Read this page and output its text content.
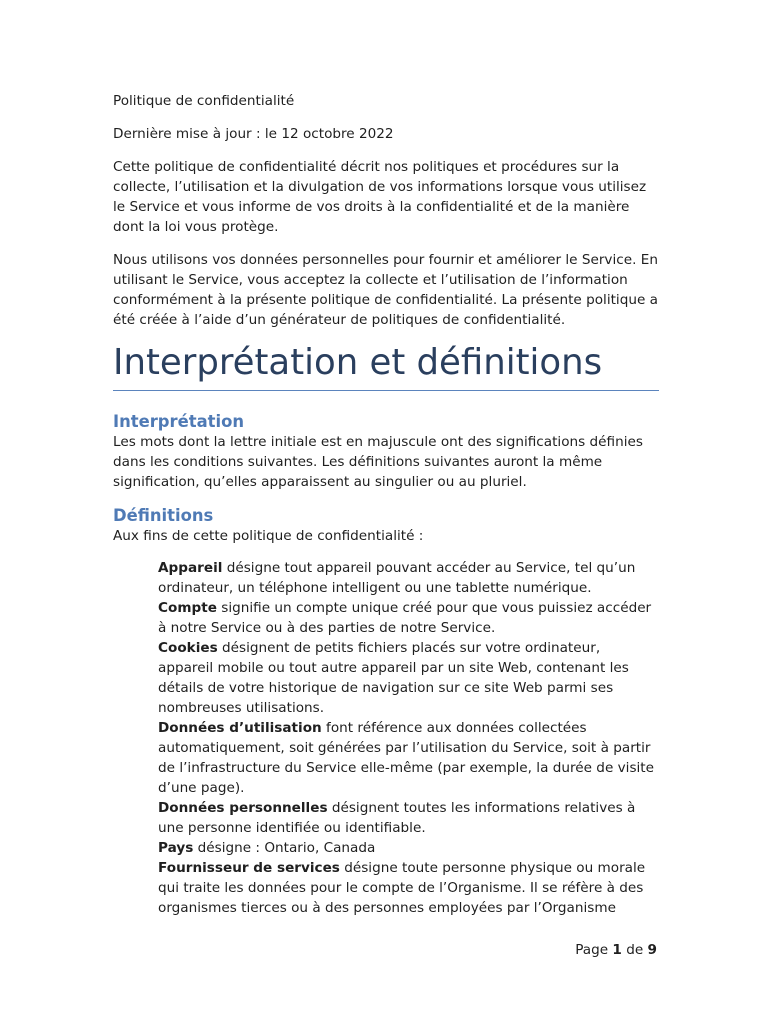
Politique de confidentialité

Dernière mise à jour : le 12 octobre 2022

Cette politique de confidentialité décrit nos politiques et procédures sur la collecte, l’utilisation et la divulgation de vos informations lorsque vous utilisez le Service et vous informe de vos droits à la confidentialité et de la manière dont la loi vous protège.

Nous utilisons vos données personnelles pour fournir et améliorer le Service. En utilisant le Service, vous acceptez la collecte et l’utilisation de l’information conformément à la présente politique de confidentialité. La présente politique a été créée à l’aide d’un générateur de politiques de confidentialité.

Interprétation et définitions
Interprétation

Les mots dont la lettre initiale est en majuscule ont des significations définies dans les conditions suivantes. Les définitions suivantes auront la même signification, qu’elles apparaissent au singulier ou au pluriel.

Définitions

Aux fins de cette politique de confidentialité :

Appareil désigne tout appareil pouvant accéder au Service, tel qu’un ordinateur, un téléphone intelligent ou une tablette numérique.

Compte signifie un compte unique créé pour que vous puissiez accéder à notre Service ou à des parties de notre Service.

Cookies désignent de petits fichiers placés sur votre ordinateur, appareil mobile ou tout autre appareil par un site Web, contenant les détails de votre historique de navigation sur ce site Web parmi ses nombreuses utilisations.

Données d’utilisation font référence aux données collectées automatiquement, soit générées par l’utilisation du Service, soit à partir de l’infrastructure du Service elle-même (par exemple, la durée de visite d’une page).

Données personnelles désignent toutes les informations relatives à une personne identifiée ou identifiable.

Pays désigne : Ontario, Canada

Fournisseur de services désigne toute personne physique ou morale qui traite les données pour le compte de l’Organisme. Il se réfère à des organismes tierces ou à des personnes employées par l’Organisme

Page 1 de 9
